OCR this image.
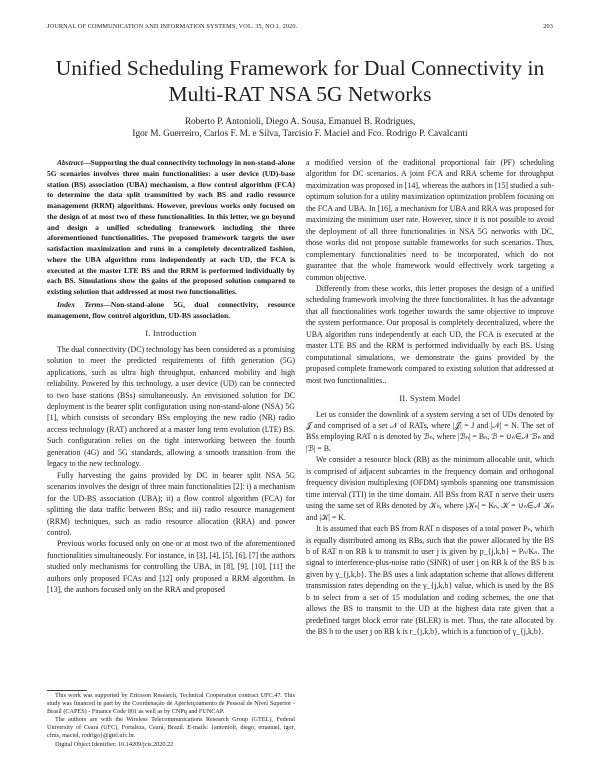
JOURNAL OF COMMUNICATION AND INFORMATION SYSTEMS, VOL. 35, NO.1, 2020.	203
Unified Scheduling Framework for Dual Connectivity in Multi-RAT NSA 5G Networks
Roberto P. Antonioli, Diego A. Sousa, Emanuel B. Rodrigues,
Igor M. Guerreiro, Carlos F. M. e Silva, Tarcisio F. Maciel and Fco. Rodrigo P. Cavalcanti

Abstract—Supporting the dual connectivity technology in non-stand-alone 5G scenarios involves three main functionalities: a user device (UD)-base station (BS) association (UBA) mechanism, a flow control algorithm (FCA) to determine the data split transmitted by each BS and radio resource management (RRM) algorithms. However, previous works only focused on the design of at most two of these functionalities. In this letter, we go beyond and design a unified scheduling framework including the three aforementioned functionalities. The proposed framework targets the user satisfaction maximization and runs in a completely decentralized fashion, where the UBA algorithm runs independently at each UD, the FCA is executed at the master LTE BS and the RRM is performed individually by each BS. Simulations show the gains of the proposed solution compared to existing solution that addressed at most two functionalities.

Index Terms—Non-stand-alone 5G, dual connectivity, resource management, flow control algorithm, UD-BS association.

I. Introduction

The dual connectivity (DC) technology has been considered as a promising solution to meet the predicted requirements of fifth generation (5G) applications, such as ultra high throughput, enhanced mobility and high reliability. Powered by this technology, a user device (UD) can be connected to two base stations (BSs) simultaneously. An envisioned solution for DC deployment is the bearer split configuration using non-stand-alone (NSA) 5G [1], which consists of secondary BSs employing the new radio (NR) radio access technology (RAT) anchored at a master long term evolution (LTE) BS. Such configuration relies on the tight interworking between the fourth generation (4G) and 5G standards, allowing a smooth transition from the legacy to the new technology.

Fully harvesting the gains provided by DC in bearer split NSA 5G scenarios involves the design of three main functionalities [2]: i) a mechanism for the UD-BS association (UBA); ii) a flow control algorithm (FCA) for splitting the data traffic between BSs; and iii) radio resource management (RRM) techniques, such as radio resource allocation (RRA) and power control.

Previous works focused only on one or at most two of the aforementioned functionalities simultaneously. For instance, in [3], [4], [5], [6], [7] the authors studied only mechanisms for controlling the UBA, in [8], [9], [10], [11] the authors only proposed FCAs and [12] only proposed a RRM algorithm. In [13], the authors focused only on the RRA and proposed

This work was supported by Ericsson Research, Technical Cooperation contract UFC.47. This study was financed in part by the Coordenação de Aperfeiçoamento de Pessoal de Nível Superior - Brasil (CAPES) - Finance Code 001 as well as by CNPq and FUNCAP.

The authors are with the Wireless Telecommunications Research Group (GTEL), Federal University of Ceará (UFC), Fortaleza, Ceará, Brazil. E-mails: {antonioli, diego, emanuel, igor, cfms, maciel, rodrigo}@gtel.ufc.br.

Digital Object Identifier: 10.14209/jcis.2020.22

a modified version of the traditional proportional fair (PF) scheduling algorithm for DC scenarios. A joint FCA and RRA scheme for throughput maximization was proposed in [14], whereas the authors in [15] studied a sub-optimum solution for a utility maximization optimization problem focusing on the FCA and UBA. In [16], a mechanism for UBA and RRA was proposed for maximizing the minimum user rate. However, since it is not possible to avoid the deployment of all three functionalities in NSA 5G networks with DC, those works did not propose suitable frameworks for such scenarios. Thus, complementary functionalities need to be incorporated, which do not guarantee that the whole framework would effectively work targeting a common objective.

Differently from these works, this letter proposes the design of a unified scheduling framework involving the three functionalities. It has the advantage that all functionalities work together towards the same objective to improve the system performance. Our proposal is completely decentralized, where the UBA algorithm runs independently at each UD, the FCA is executed at the master LTE BS and the RRM is performed individually by each BS. Using computational simulations, we demonstrate the gains provided by the proposed complete framework compared to existing solution that addressed at most two functionalities..

II. System Model

Let us consider the downlink of a system serving a set of UDs denoted by 𝒥 and comprised of a set 𝒩 of RATs, where |𝒥| = J and |𝒩| = N. The set of BSs employing RAT n is denoted by ℬₙ, where |ℬₙ| = Bₙ, ℬ = ∪ₙ∈𝒩 ℬₙ and |ℬ| = B.

We consider a resource block (RB) as the minimum allocable unit, which is comprised of adjacent subcarries in the frequency domain and orthogonal frequency division multiplexing (OFDM) symbols spanning one transmission time interval (TTI) in the time domain. All BSs from RAT n serve their users using the same set of RBs denoted by 𝒦ₙ, where |𝒦ₙ| = Kₙ, 𝒦 = ∪ₙ∈𝒩 𝒦ₙ and |𝒦| = K.

It is assumed that each BS from RAT n disposes of a total power Pₙ, which is equally distributed among its RBs, such that the power allocated by the BS b of RAT n on RB k to transmit to user j is given by p_{j,k,b} = Pₙ/Kₙ. The signal to interference-plus-noise ratio (SINR) of user j on RB k of the BS b is given by γ_{j,k,b}. The BS uses a link adaptation scheme that allows different transmission rates depending on the γ_{j,k,b} value, which is used by the BS b to select from a set of 15 modulation and coding schemes, the one that allows the BS to transmit to the UD at the highest data rate given that a predefined target block error rate (BLER) is met. Thus, the rate allocated by the BS b to the user j on RB k is r_{j,k,b}, which is a function of γ_{j,k,b}.
